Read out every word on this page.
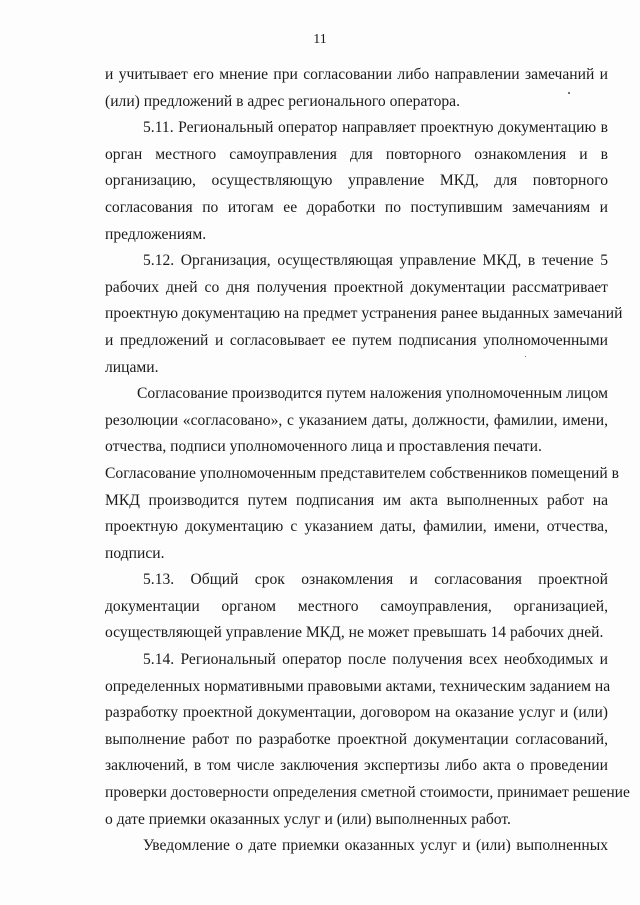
11
и учитывает его мнение при согласовании либо направлении замечаний и
(или) предложений в адрес регионального оператора.
5.11. Региональный оператор направляет проектную документацию в
орган местного самоуправления для повторного ознакомления и в
организацию, осуществляющую управление МКД, для повторного
согласования по итогам ее доработки по поступившим замечаниям и
предложениям.
5.12. Организация, осуществляющая управление МКД, в течение 5
рабочих дней со дня получения проектной документации рассматривает
проектную документацию на предмет устранения ранее выданных замечаний
и предложений и согласовывает ее путем подписания уполномоченными
лицами.
Согласование производится путем наложения уполномоченным лицом
резолюции «согласовано», с указанием даты, должности, фамилии, имени,
отчества, подписи уполномоченного лица и проставления печати.
Согласование уполномоченным представителем собственников помещений в
МКД производится путем подписания им акта выполненных работ на
проектную документацию с указанием даты, фамилии, имени, отчества,
подписи.
5.13. Общий срок ознакомления и согласования проектной
документации органом местного самоуправления, организацией,
осуществляющей управление МКД, не может превышать 14 рабочих дней.
5.14. Региональный оператор после получения всех необходимых и
определенных нормативными правовыми актами, техническим заданием на
разработку проектной документации, договором на оказание услуг и (или)
выполнение работ по разработке проектной документации согласований,
заключений, в том числе заключения экспертизы либо акта о проведении
проверки достоверности определения сметной стоимости, принимает решение
о дате приемки оказанных услуг и (или) выполненных работ.
Уведомление о дате приемки оказанных услуг и (или) выполненных
